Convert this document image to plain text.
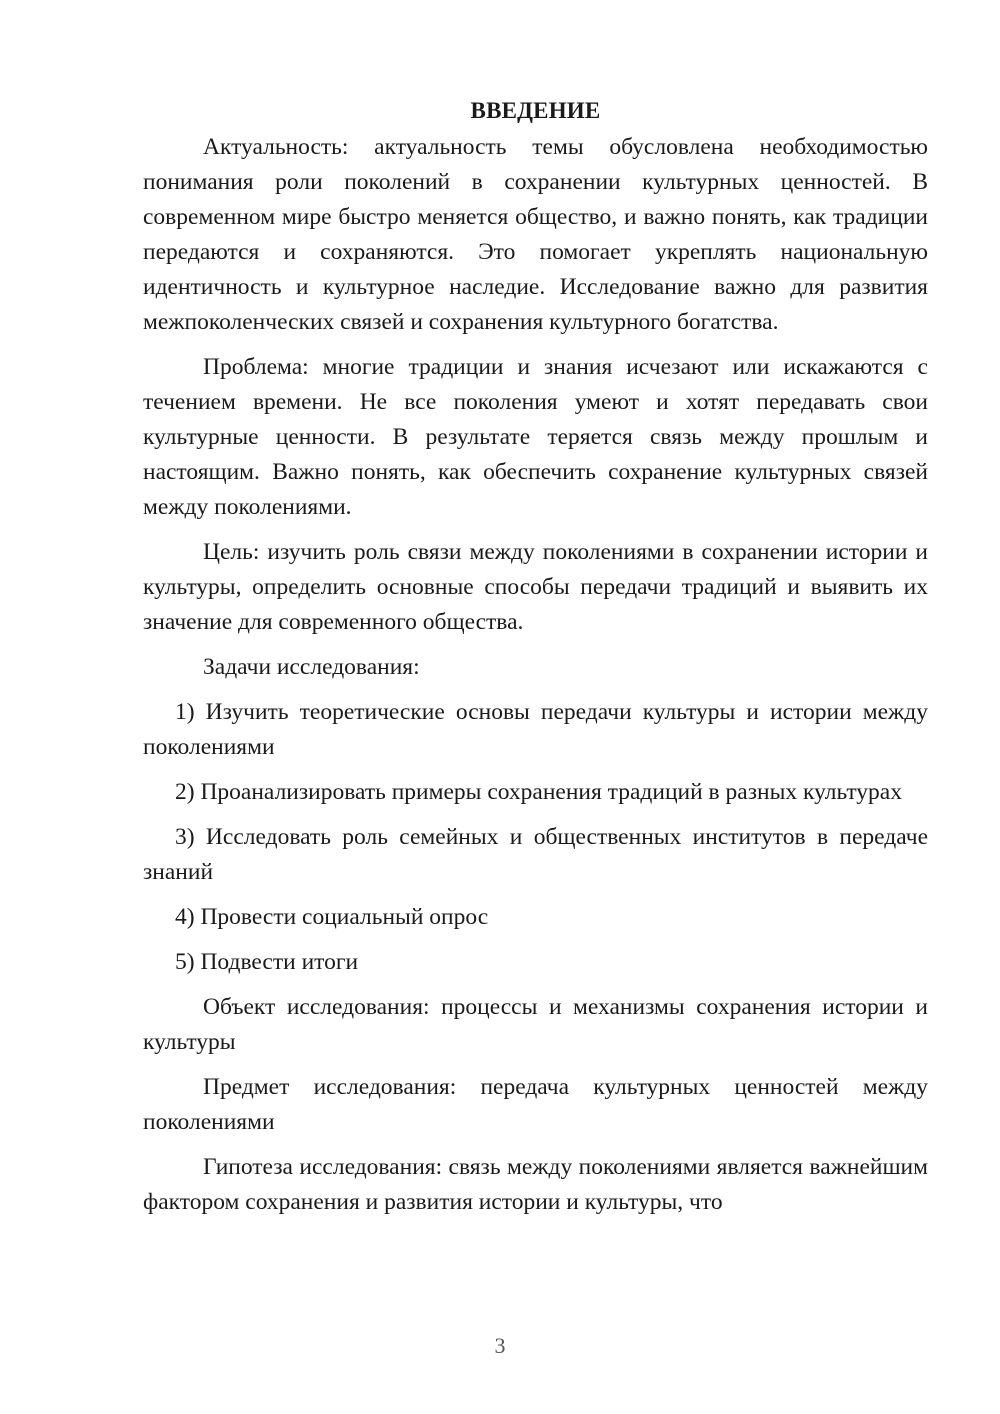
ВВЕДЕНИЕ

Актуальность: актуальность темы обусловлена необходимостью понимания роли поколений в сохранении культурных ценностей. В современном мире быстро меняется общество, и важно понять, как традиции передаются и сохраняются. Это помогает укреплять национальную идентичность и культурное наследие. Исследование важно для развития межпоколенческих связей и сохранения культурного богатства.

Проблема: многие традиции и знания исчезают или искажаются с течением времени. Не все поколения умеют и хотят передавать свои культурные ценности. В результате теряется связь между прошлым и настоящим. Важно понять, как обеспечить сохранение культурных связей между поколениями.

Цель: изучить роль связи между поколениями в сохранении истории и культуры, определить основные способы передачи традиций и выявить их значение для современного общества.

Задачи исследования:

1) Изучить теоретические основы передачи культуры и истории между поколениями

2) Проанализировать примеры сохранения традиций в разных культурах

3) Исследовать роль семейных и общественных институтов в передаче знаний

4) Провести социальный опрос

5) Подвести итоги

Объект исследования: процессы и механизмы сохранения истории и культуры

Предмет исследования: передача культурных ценностей между поколениями

Гипотеза исследования: связь между поколениями является важнейшим фактором сохранения и развития истории и культуры, что

3
